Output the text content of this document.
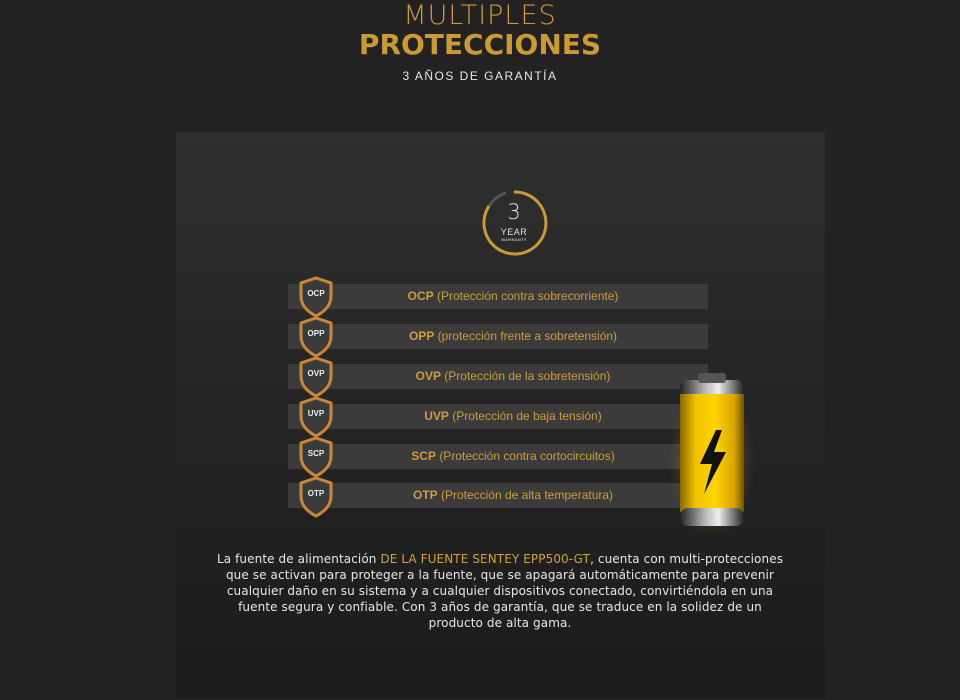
MULTIPLES
PROTECCIONES
3 AÑOS DE GARANTÍA
3
YEAR
WARRANTY
OCP (Protección contra sobrecorriente)
OCP
OPP (protección frente a sobretensión)
OPP
OVP (Protección de la sobretensión)
OVP
UVP (Protección de baja tensión)
UVP
SCP (Protección contra cortocircuitos)
SCP
OTP (Protección de alta temperatura)
OTP
La fuente de alimentación DE LA FUENTE SENTEY EPP500-GT, cuenta con multi-protecciones que se activan para proteger a la fuente, que se apagará automáticamente para prevenir cualquier daño en su sistema y a cualquier dispositivos conectado, convirtiéndola en una fuente segura y confiable. Con 3 años de garantía, que se traduce en la solidez de un producto de alta gama.
